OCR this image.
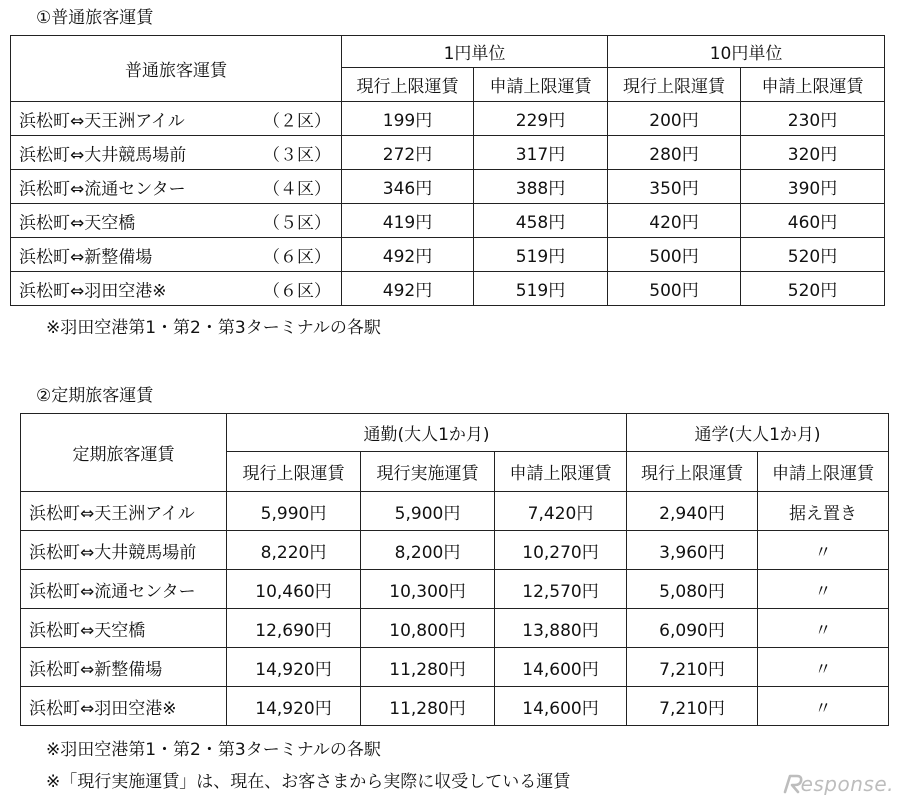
①普通旅客運賃
普通旅客運賃	1円単位		10円単位	
	現行上限運賃	申請上限運賃	現行上限運賃	申請上限運賃

浜松町⇔天王洲アイル （２区）	199円	229円	200円	230円

浜松町⇔大井競馬場前 （３区）	272円	317円	280円	320円

浜松町⇔流通センター （４区）	346円	388円	350円	390円

浜松町⇔天空橋 （５区）	419円	458円	420円	460円

浜松町⇔新整備場 （６区）	492円	519円	500円	520円

浜松町⇔羽田空港※ （６区）	492円	519円	500円	520円
※羽田空港第1・第2・第3ターミナルの各駅
②定期旅客運賃
定期旅客運賃	通勤(大人1か月)			通学(大人1か月)	
	現行上限運賃	現行実施運賃	申請上限運賃	現行上限運賃	申請上限運賃
浜松町⇔天王洲アイル	5,990円	5,900円	7,420円	2,940円	据え置き
浜松町⇔大井競馬場前	8,220円	8,200円	10,270円	3,960円	〃
浜松町⇔流通センター	10,460円	10,300円	12,570円	5,080円	〃
浜松町⇔天空橋	12,690円	10,800円	13,880円	6,090円	〃
浜松町⇔新整備場	14,920円	11,280円	14,600円	7,210円	〃
浜松町⇔羽田空港※	14,920円	11,280円	14,600円	7,210円	〃
※羽田空港第1・第2・第3ターミナルの各駅
※「現行実施運賃」は、現在、お客さまから実際に収受している運賃	esponse.
